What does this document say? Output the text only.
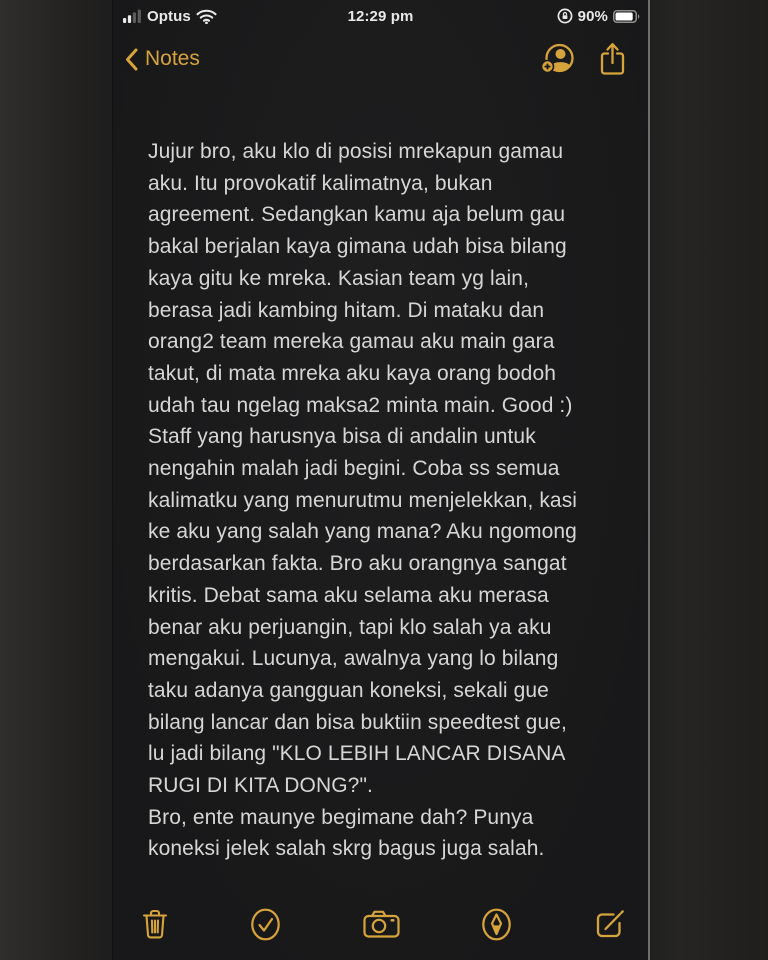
Optus	12:29 pm	90%
Notes
Jujur bro, aku klo di posisi mrekapun gamau
aku. Itu provokatif kalimatnya, bukan
agreement. Sedangkan kamu aja belum gau
bakal berjalan kaya gimana udah bisa bilang
kaya gitu ke mreka. Kasian team yg lain,
berasa jadi kambing hitam. Di mataku dan
orang2 team mereka gamau aku main gara
takut, di mata mreka aku kaya orang bodoh
udah tau ngelag maksa2 minta main. Good :)
Staff yang harusnya bisa di andalin untuk
nengahin malah jadi begini. Coba ss semua
kalimatku yang menurutmu menjelekkan, kasi
ke aku yang salah yang mana? Aku ngomong
berdasarkan fakta. Bro aku orangnya sangat
kritis. Debat sama aku selama aku merasa
benar aku perjuangin, tapi klo salah ya aku
mengakui. Lucunya, awalnya yang lo bilang
taku adanya gangguan koneksi, sekali gue
bilang lancar dan bisa buktiin speedtest gue,
lu jadi bilang "KLO LEBIH LANCAR DISANA
RUGI DI KITA DONG?".
Bro, ente maunye begimane dah? Punya
koneksi jelek salah skrg bagus juga salah.
